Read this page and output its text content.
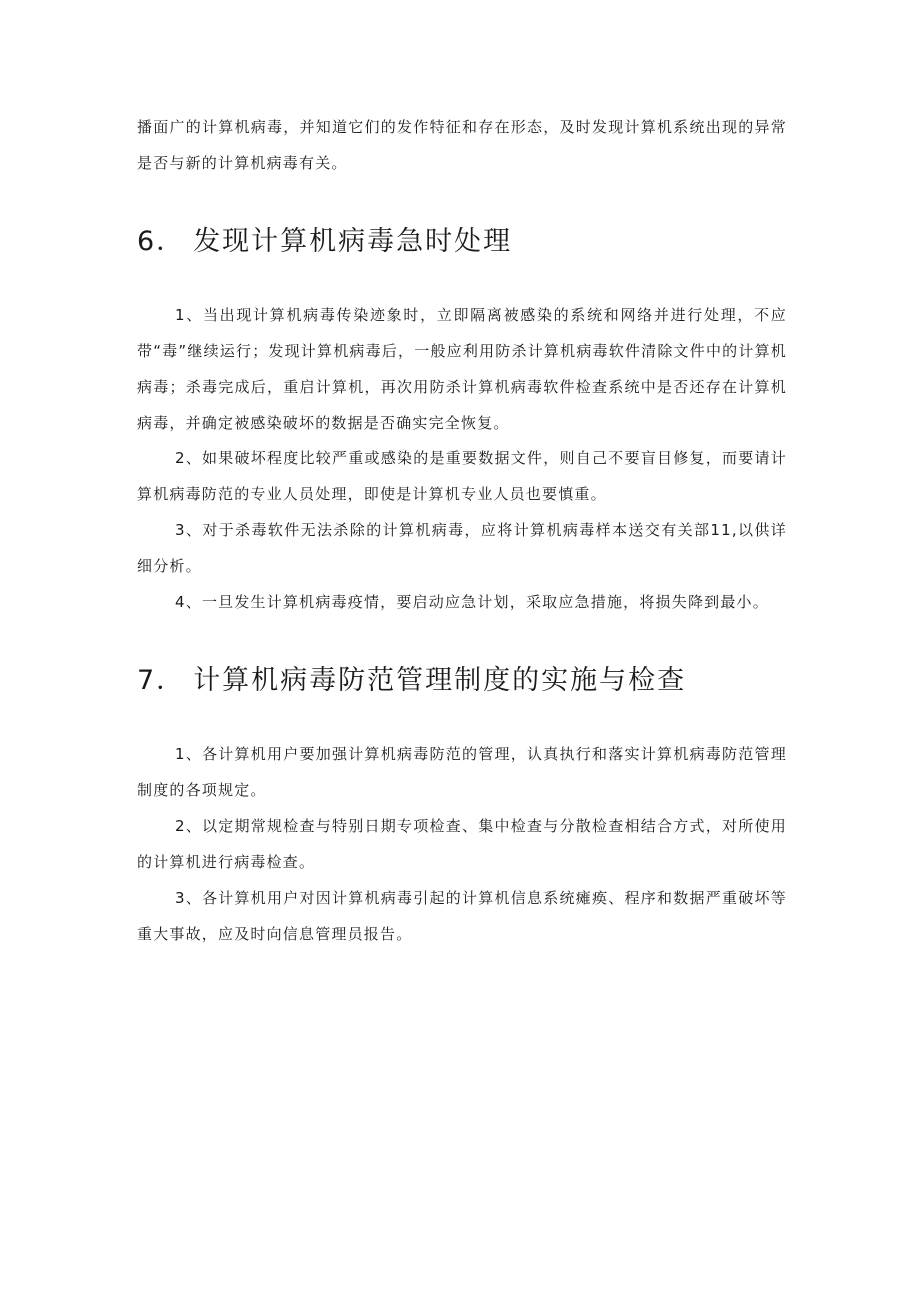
播面广的计算机病毒，并知道它们的发作特征和存在形态，及时发现计算机系统出现的异常是否与新的计算机病毒有关。

6． 发现计算机病毒急时处理

1、当出现计算机病毒传染迹象时，立即隔离被感染的系统和网络并进行处理，不应带“毒”继续运行；发现计算机病毒后，一般应利用防杀计算机病毒软件清除文件中的计算机病毒；杀毒完成后，重启计算机，再次用防杀计算机病毒软件检查系统中是否还存在计算机病毒，并确定被感染破坏的数据是否确实完全恢复。

2、如果破坏程度比较严重或感染的是重要数据文件，则自己不要盲目修复，而要请计算机病毒防范的专业人员处理，即使是计算机专业人员也要慎重。

3、对于杀毒软件无法杀除的计算机病毒，应将计算机病毒样本送交有关部11,以供详细分析。

4、一旦发生计算机病毒疫情，要启动应急计划，采取应急措施，将损失降到最小。

7． 计算机病毒防范管理制度的实施与检查

1、各计算机用户要加强计算机病毒防范的管理，认真执行和落实计算机病毒防范管理制度的各项规定。

2、以定期常规检查与特别日期专项检查、集中检查与分散检查相结合方式，对所使用的计算机进行病毒检查。

3、各计算机用户对因计算机病毒引起的计算机信息系统瘫痪、程序和数据严重破坏等重大事故，应及时向信息管理员报告。
